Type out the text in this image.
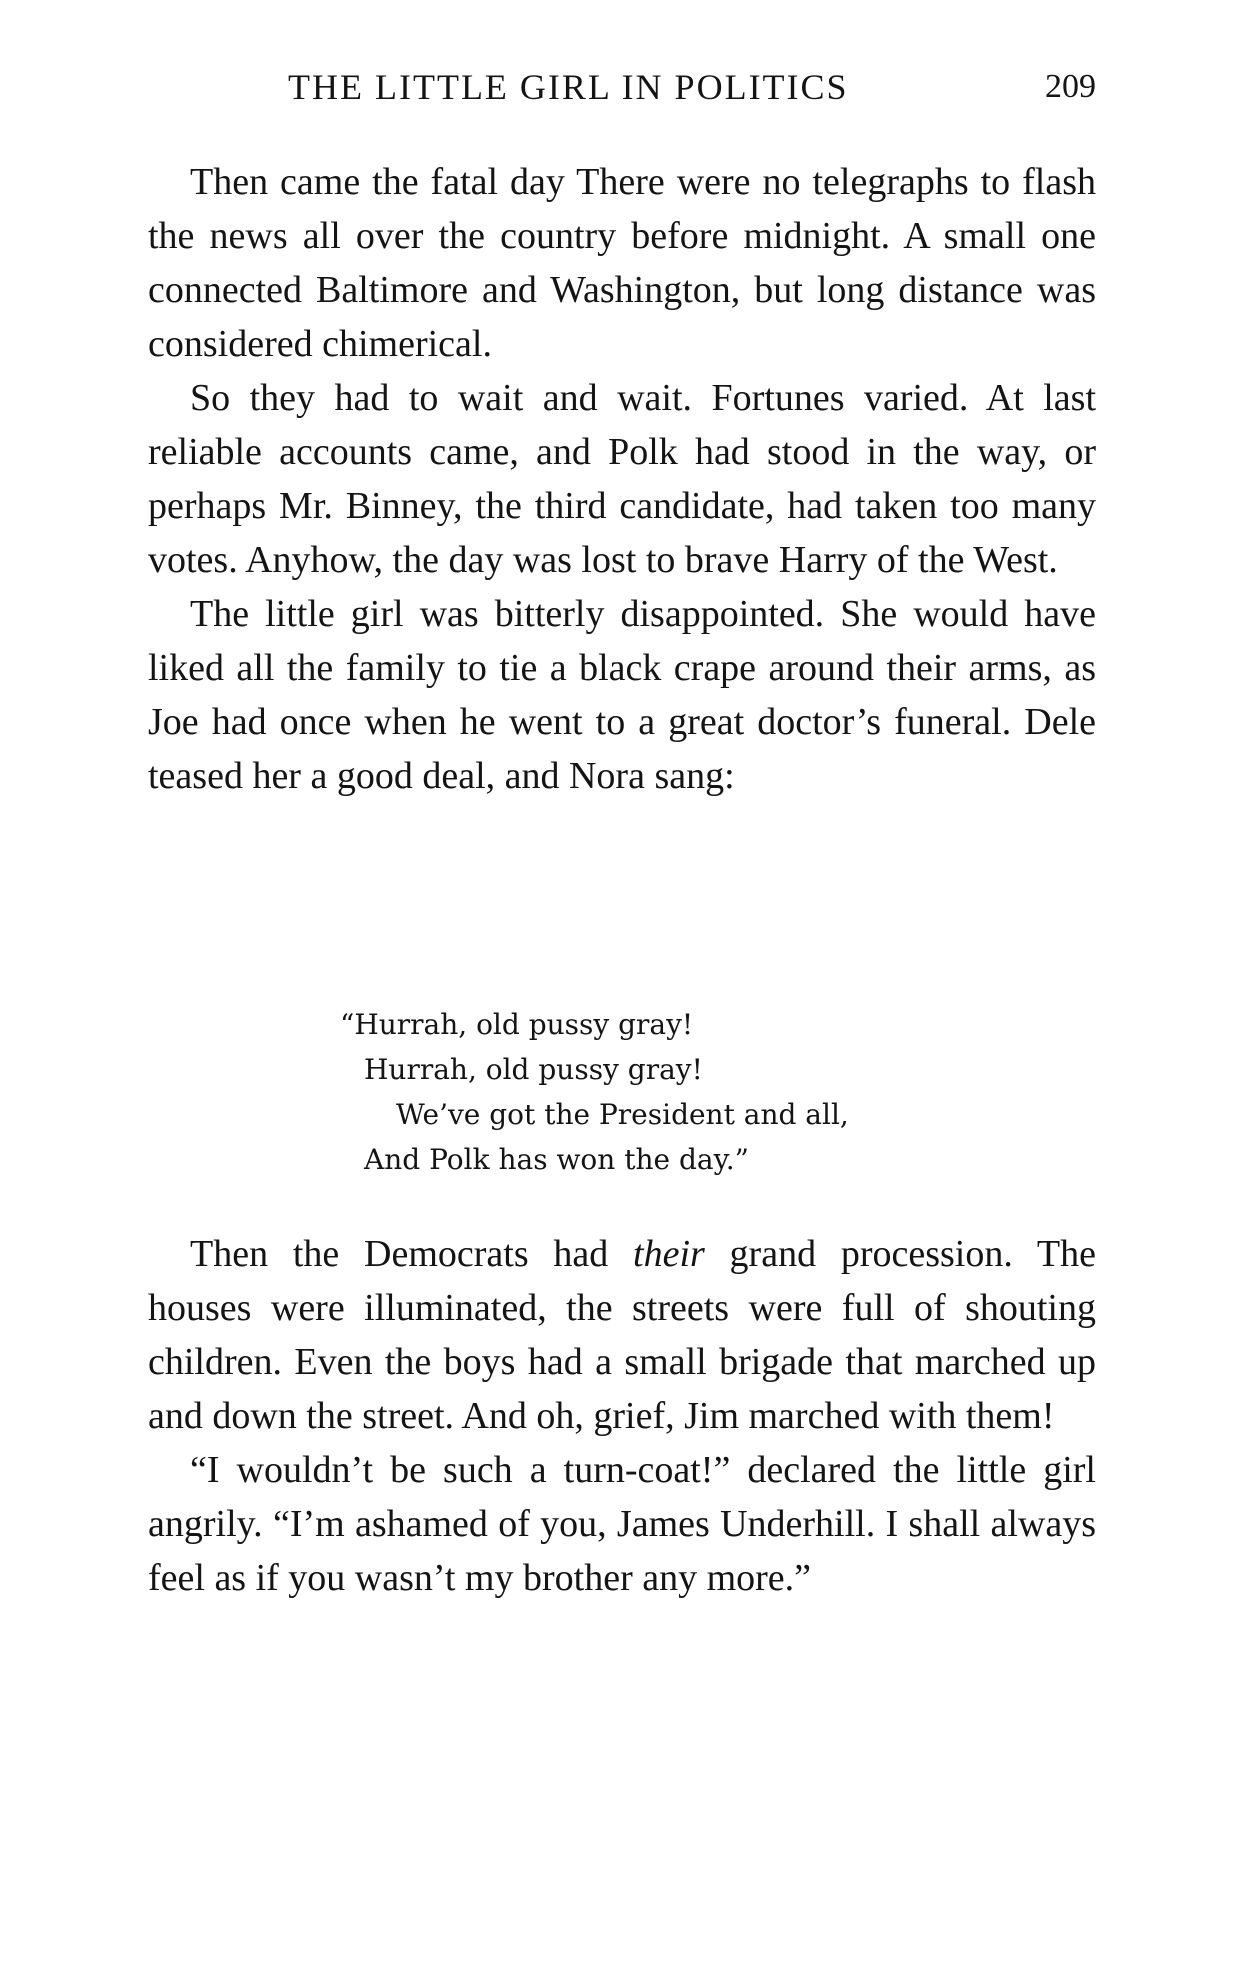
THE LITTLE GIRL IN POLITICS	209

Then came the fatal day There were no telegraphs to flash the news all over the country before midnight. A small one connected Baltimore and Washington, but long distance was considered chimerical.

So they had to wait and wait. Fortunes varied. At last reliable accounts came, and Polk had stood in the way, or perhaps Mr. Binney, the third candidate, had taken too many votes. Anyhow, the day was lost to brave Harry of the West.

The little girl was bitterly disappointed. She would have liked all the family to tie a black crape around their arms, as Joe had once when he went to a great doctor’s funeral. Dele teased her a good deal, and Nora sang:

“Hurrah, old pussy gray!
Hurrah, old pussy gray!
We’ve got the President and all,
And Polk has won the day.”

Then the Democrats had their grand procession. The houses were illuminated, the streets were full of shouting children. Even the boys had a small brigade that marched up and down the street. And oh, grief, Jim marched with them!

“I wouldn’t be such a turn-coat!” declared the little girl angrily. “I’m ashamed of you, James Underhill. I shall always feel as if you wasn’t my brother any more.”
